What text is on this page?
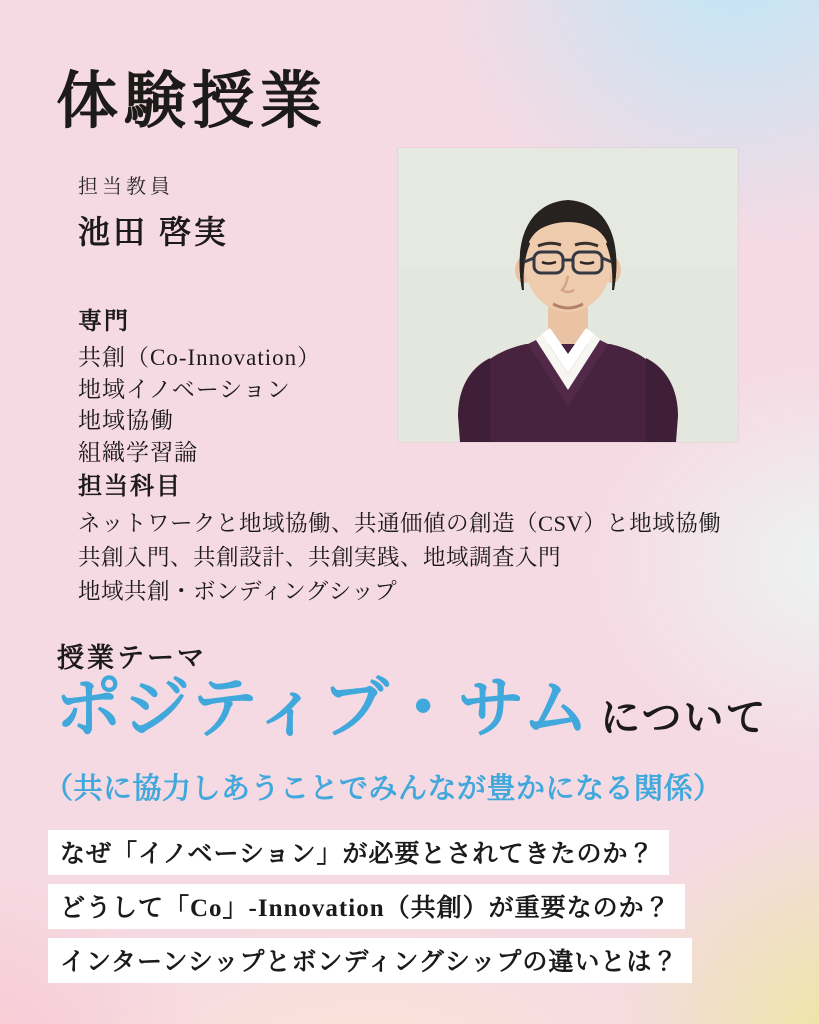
体験授業
担当教員
池田 啓実
専門
共創（Co-Innovation）
地域イノベーション
地域協働
組織学習論
担当科目
ネットワークと地域協働、共通価値の創造（CSV）と地域協働
共創入門、共創設計、共創実践、地域調査入門
地域共創・ボンディングシップ
授業テーマ
ポジティブ・サム について
（共に協力しあうことでみんなが豊かになる関係）
なぜ「イノベーション」が必要とされてきたのか？
どうして「Co」-Innovation（共創）が重要なのか？
インターンシップとボンディングシップの違いとは？
